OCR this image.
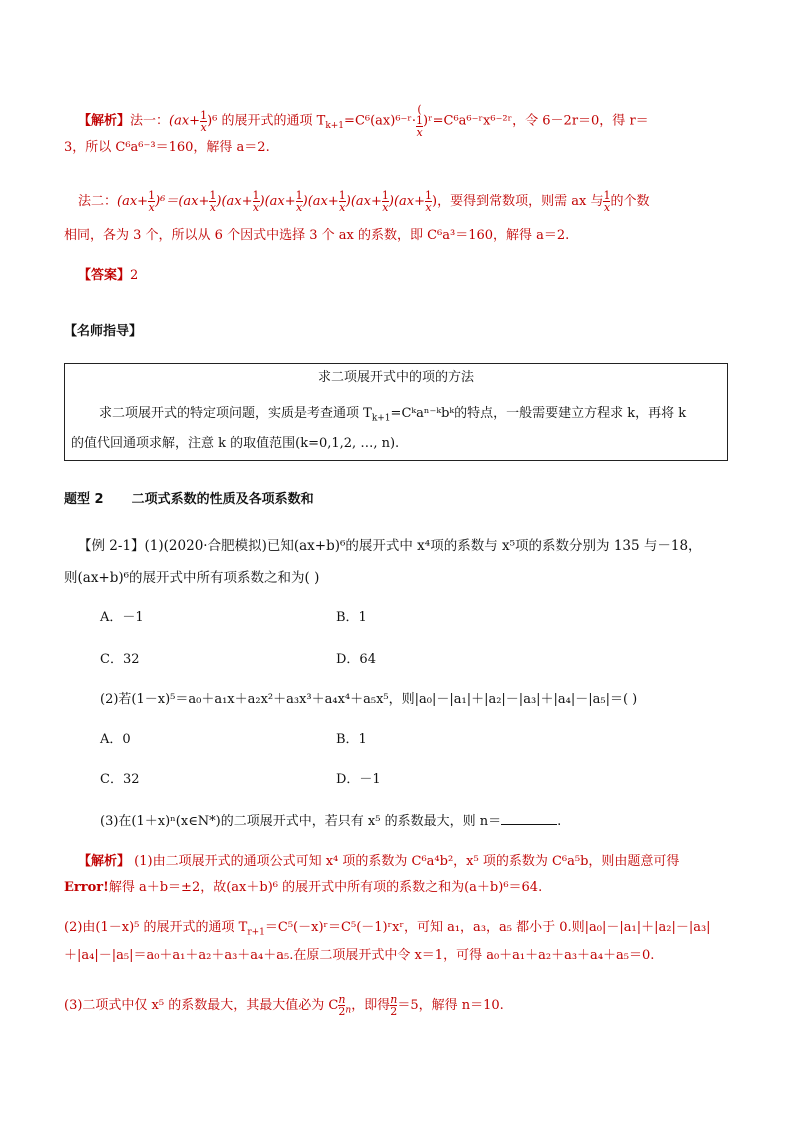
【解析】法一：$(ax+ \frac{1}{x} )^6$ 的展开式的通项 $T_{k+1}=C^6(ax)^{6-}ʳ\cdot$(
1
x
)ʳ=C⁶a⁶⁻ʳx⁶⁻²ʳ，令 6－2r＝0，得 r＝
3，所以 C⁶a⁶⁻³＝160，解得 a＝2.
法二：$(ax+ \frac{1}{x} )^6=(ax+ \frac{1}{x} )(ax+ \frac{1}{x} )(ax+ \frac{1}{x} )(ax+ \frac{1}{x} )(ax+ \frac{1}{x} )(ax+ \frac{1}{x}$ )，要得到常数项，则需 ax 与 $\frac{1}{x}$ 的个数
相同，各为 3 个，所以从 6 个因式中选择 3 个 ax 的系数，即 C⁶a³＝160，解得 a＝2.
【答案】2
【名师指导】
求二项展开式中的项的方法
求二项展开式的特定项问题，实质是考查通项 $T_{k+1}=Cᵏa^{n-}ᵏbᵏ$的特点，一般需要建立方程求 k，再将 k
的值代回通项求解，注意 k 的取值范围(k=0,1,2, …, n).
题型 2 二项式系数的性质及各项系数和
【例 2-1】(1)(2020·合肥模拟)已知(ax+b)⁶的展开式中 x⁴项的系数与 x⁵项的系数分别为 135 与－18，
则(ax+b)⁶的展开式中所有项系数之和为( )
A．－1	B．1
C．32	D．64
(2)若(1－x)⁵＝a₀＋a₁x＋a₂x²＋a₃x³＋a₄x⁴＋a₅x⁵，则|a₀|－|a₁|＋|a₂|－|a₃|＋|a₄|－|a₅|＝( )
A．0	B．1
C．32	D．－1
(3)在(1＋x)ⁿ(x∈N*)的二项展开式中，若只有 x⁵ 的系数最大，则 n＝	.
【解析】 (1)由二项展开式的通项公式可知 x⁴ 项的系数为 C⁶a⁴b²，x⁵ 项的系数为 C⁶a⁵b，则由题意可得
Error!解得 a＋b＝±2，故(ax＋b)⁶ 的展开式中所有项的系数之和为(a＋b)⁶＝64.
(2)由(1－x)⁵ 的展开式的通项 $T_{r+1}=C^5(-x)ʳ=C^5(-1)ʳxʳ$，可知 a₁，a₃，a₅ 都小于 0.则|a₀|－|a₁|＋|a₂|－|a₃|
＋|a₄|－|a₅|＝a₀＋a₁＋a₂＋a₃＋a₄＋a₅.在原二项展开式中令 x＝1，可得 a₀＋a₁＋a₂＋a₃＋a₄＋a₅＝0.
(3)二项式中仅 x⁵ 的系数最大，其最大值必为 C $\frac{n}{2} _n$，即得 $\frac{n}{2} =5$，解得 n＝10.
